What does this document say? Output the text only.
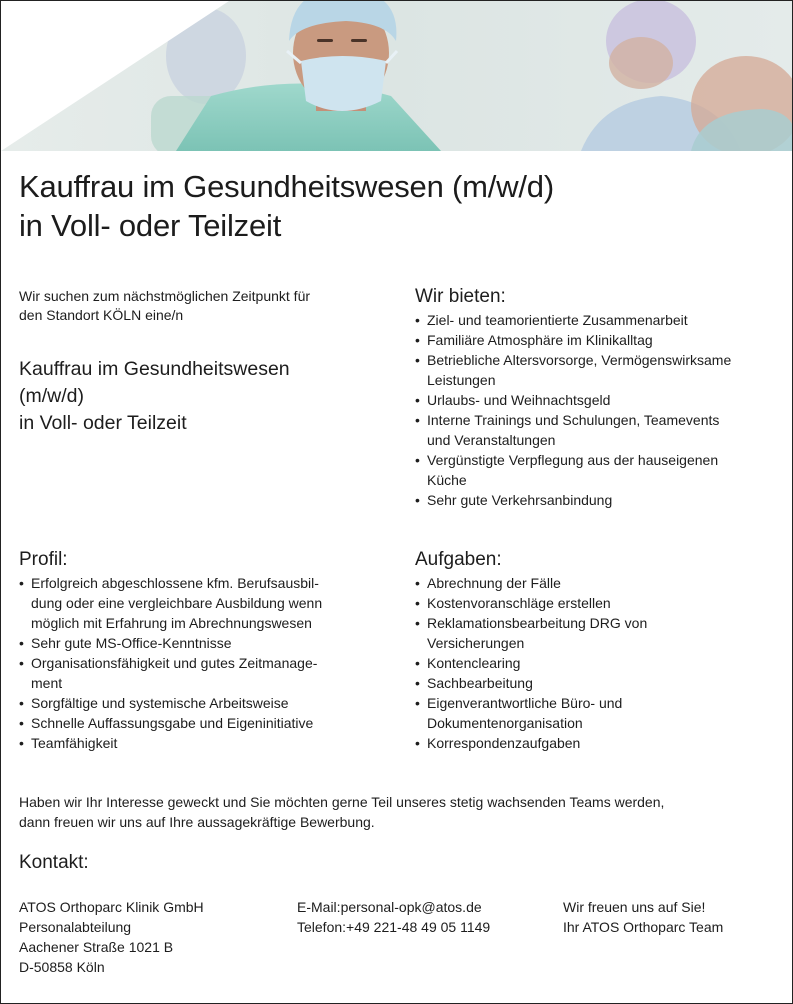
Kauffrau im Gesundheitswesen (m/w/d)
in Voll- oder Teilzeit
Wir suchen zum nächstmöglichen Zeitpunkt für
den Standort KÖLN eine/n
Kauffrau im Gesundheitswesen
(m/w/d)
in Voll- oder Teilzeit
Wir bieten:
• Ziel- und teamorientierte Zusammenarbeit
• Familiäre Atmosphäre im Klinikalltag
• Betriebliche Altersvorsorge, Vermögenswirksame
Leistungen
• Urlaubs- und Weihnachtsgeld
• Interne Trainings und Schulungen, Teamevents
und Veranstaltungen
• Vergünstigte Verpflegung aus der hauseigenen
Küche
• Sehr gute Verkehrsanbindung
Profil:
• Erfolgreich abgeschlossene kfm. Berufsausbil-
dung oder eine vergleichbare Ausbildung wenn
möglich mit Erfahrung im Abrechnungswesen
• Sehr gute MS-Office-Kenntnisse
• Organisationsfähigkeit und gutes Zeitmanage-
ment
• Sorgfältige und systemische Arbeitsweise
• Schnelle Auffassungsgabe und Eigeninitiative
• Teamfähigkeit
Aufgaben:
• Abrechnung der Fälle
• Kostenvoranschläge erstellen
• Reklamationsbearbeitung DRG von
Versicherungen
• Kontenclearing
• Sachbearbeitung
• Eigenverantwortliche Büro- und
Dokumentenorganisation
• Korrespondenzaufgaben
Haben wir Ihr Interesse geweckt und Sie möchten gerne Teil unseres stetig wachsenden Teams werden,
dann freuen wir uns auf Ihre aussagekräftige Bewerbung.
Kontakt:
ATOS Orthoparc Klinik GmbH
Personalabteilung
Aachener Straße 1021 B
D-50858 Köln
E-Mail:personal-opk@atos.de
Telefon:+49 221-48 49 05 1149
Wir freuen uns auf Sie!
Ihr ATOS Orthoparc Team
